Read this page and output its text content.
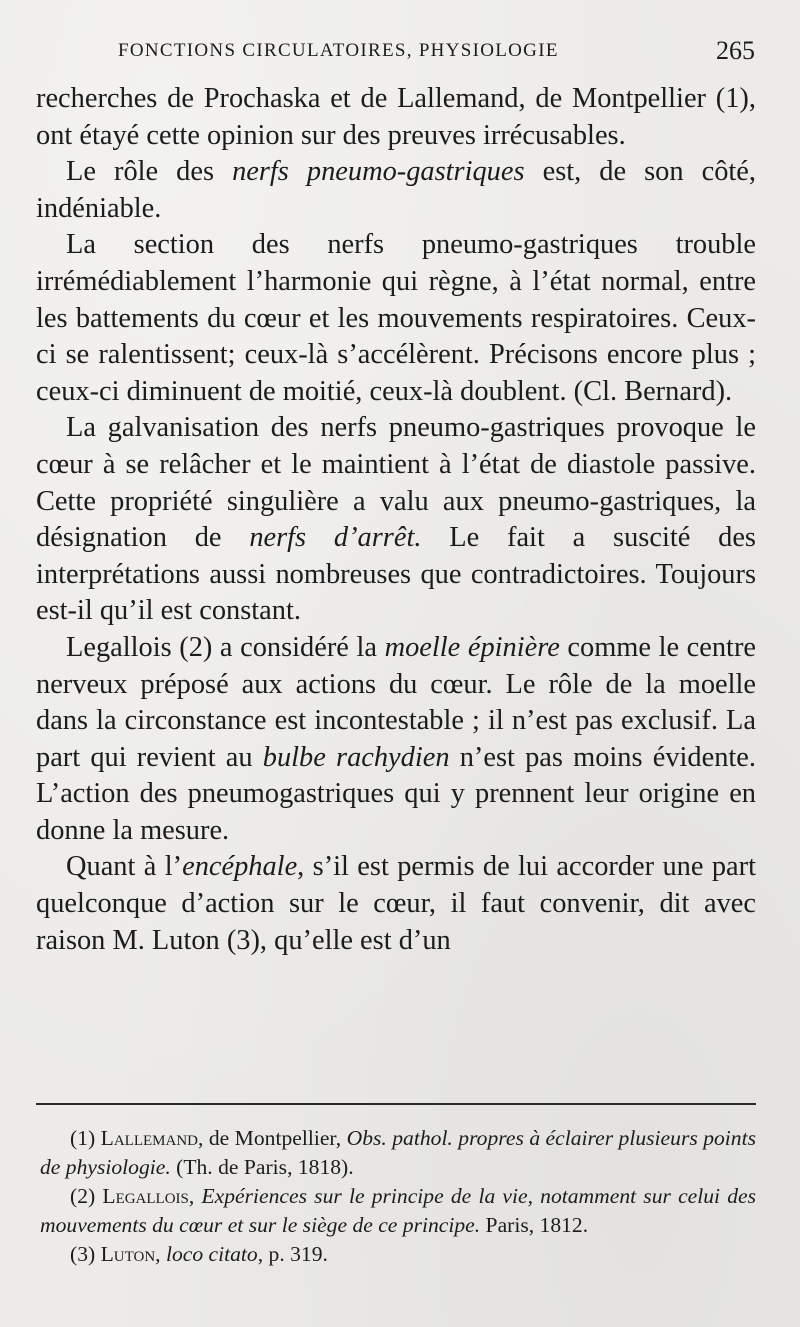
FONCTIONS CIRCULATOIRES, PHYSIOLOGIE	265

recherches de Prochaska et de Lallemand, de Montpellier (1), ont étayé cette opinion sur des preuves irrécusables.

Le rôle des nerfs pneumo-gastriques est, de son côté, indéniable.

La section des nerfs pneumo-gastriques trouble irrémédiablement l’harmonie qui règne, à l’état normal, entre les battements du cœur et les mouvements respiratoires. Ceux-ci se ralentissent; ceux-là s’accélèrent. Précisons encore plus ; ceux-ci diminuent de moitié, ceux-là doublent. (Cl. Bernard).

La galvanisation des nerfs pneumo-gastriques provoque le cœur à se relâcher et le maintient à l’état de diastole passive. Cette propriété singulière a valu aux pneumo-gastriques, la désignation de nerfs d’arrêt. Le fait a suscité des interprétations aussi nombreuses que contradictoires. Toujours est-il qu’il est constant.

Legallois (2) a considéré la moelle épinière comme le centre nerveux préposé aux actions du cœur. Le rôle de la moelle dans la circonstance est incontestable ; il n’est pas exclusif. La part qui revient au bulbe rachydien n’est pas moins évidente. L’action des pneumogastriques qui y prennent leur origine en donne la mesure.

Quant à l’encéphale, s’il est permis de lui accorder une part quelconque d’action sur le cœur, il faut convenir, dit avec raison M. Luton (3), qu’elle est d’un

(1) Lallemand, de Montpellier, Obs. pathol. propres à éclairer plusieurs points de physiologie. (Th. de Paris, 1818).

(2) Legallois, Expériences sur le principe de la vie, notamment sur celui des mouvements du cœur et sur le siège de ce principe. Paris, 1812.

(3) Luton, loco citato, p. 319.
